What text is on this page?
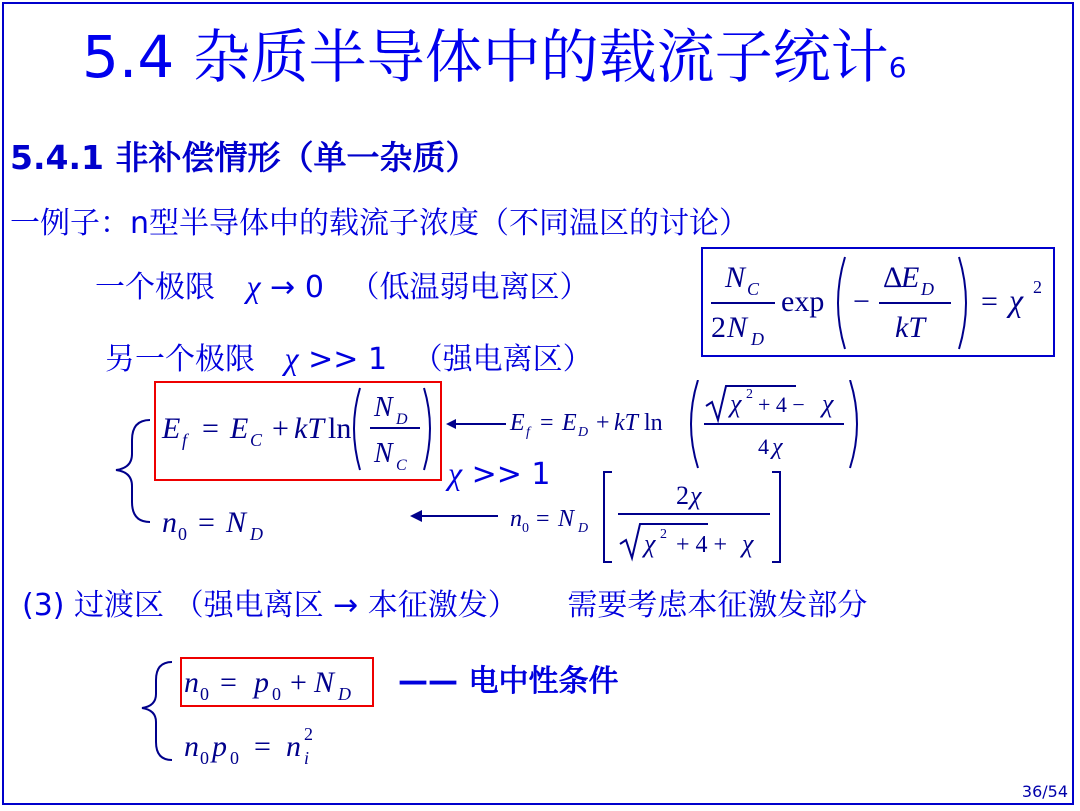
5.4 杂质半导体中的载流子统计6
5.4.1 非补偿情形（单一杂质）
一例子：n型半导体中的载流子浓度（不同温区的讨论）
一个极限 χ → 0 （低温弱电离区）	N C
2 N D
exp −
Δ
E D
kT
= χ 2
另一个极限 χ >> 1 （强电离区）
E f = E C + kT ln
N D
N C
n 0 = N D
E f = E D + kT ln
χ 2 + 4 − χ
4 χ
n 0 = N D
2 χ
χ 2 + 4 + χ
χ >> 1
(3) 过渡区 （强电离区 → 本征激发） 需要考虑本征激发部分
n 0 = p 0 + N D
n 0 p 0 = n 2
i
—— 电中性条件
36/54
